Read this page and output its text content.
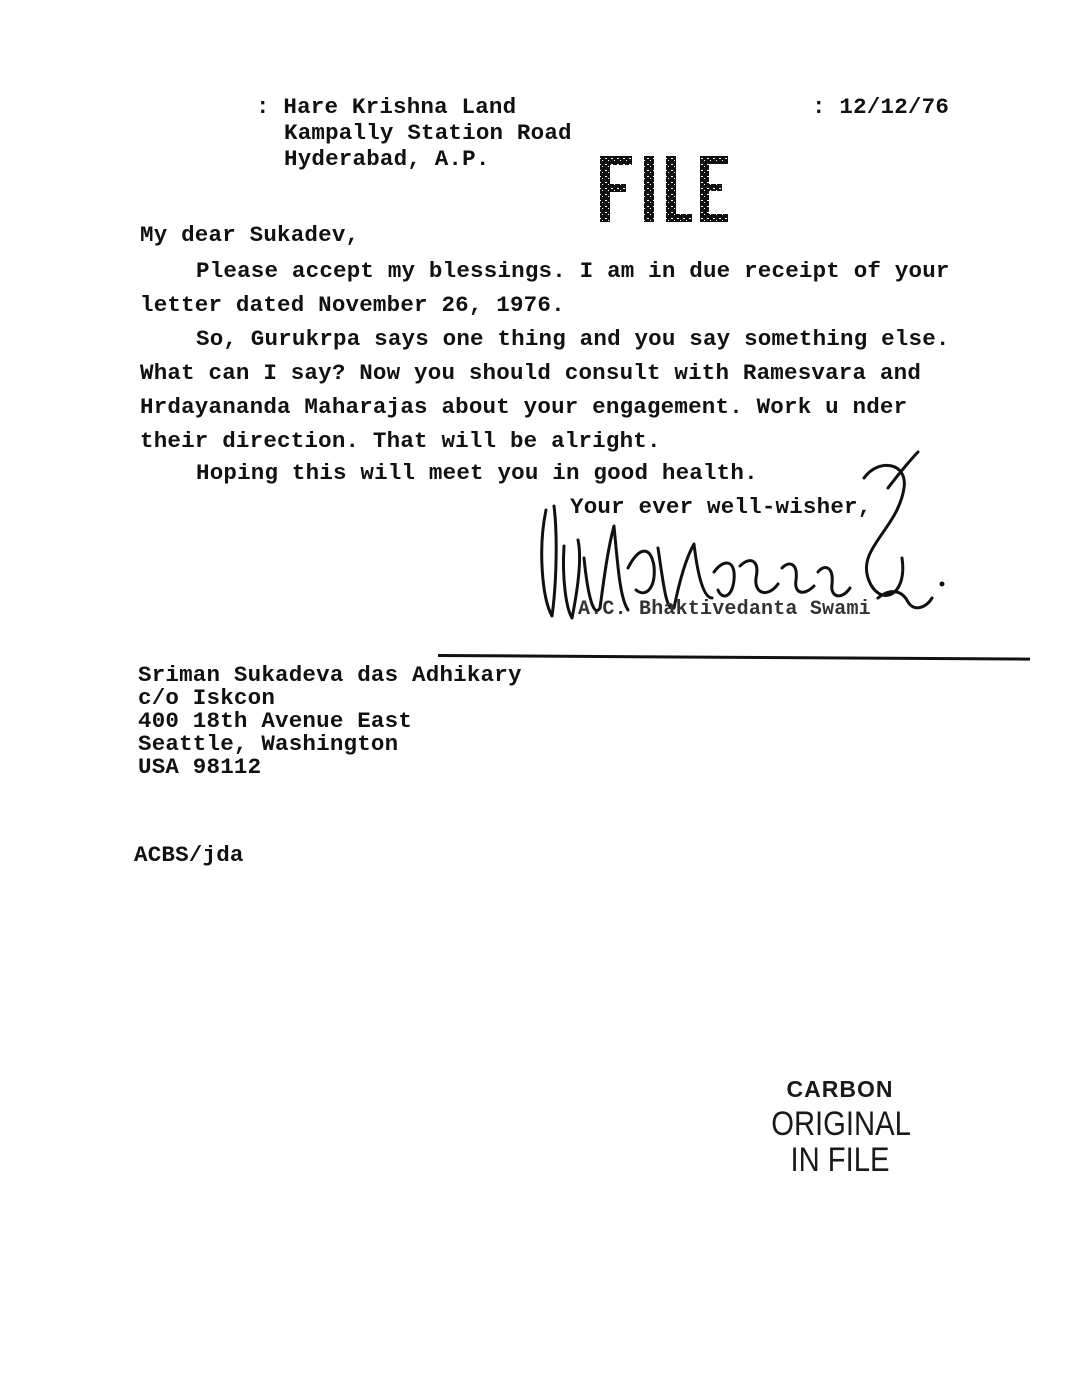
: Hare Krishna Land
Kampally Station Road
Hyderabad, A.P.
: 12/12/76
My dear Sukadev,
Please accept my blessings. I am in due receipt of your
letter dated November 26, 1976.
So, Gurukrpa says one thing and you say something else.
What can I say? Now you should consult with Ramesvara and
Hrdayananda Maharajas about your engagement. Work u nder
their direction. That will be alright.
Hoping this will meet you in good health.
Your ever well-wisher,
A.C. Bhaktivedanta Swami
Sriman Sukadeva das Adhikary
c/o Iskcon
400 18th Avenue East
Seattle, Washington
USA 98112
ACBS/jda
CARBON
ORIGINAL
IN FILE
